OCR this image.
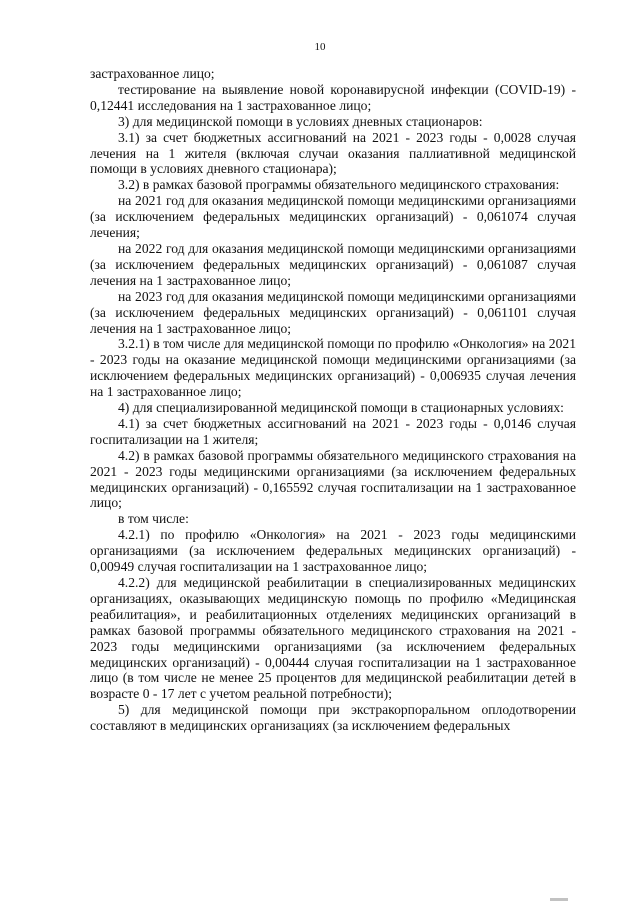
10

застрахованное лицо;

тестирование на выявление новой коронавирусной инфекции (COVID-19) - 0,12441 исследования на 1 застрахованное лицо;

3) для медицинской помощи в условиях дневных стационаров:

3.1) за счет бюджетных ассигнований на 2021 - 2023 годы - 0,0028 случая лечения на 1 жителя (включая случаи оказания паллиативной медицинской помощи в условиях дневного стационара);

3.2) в рамках базовой программы обязательного медицинского страхования:

на 2021 год для оказания медицинской помощи медицинскими организациями (за исключением федеральных медицинских организаций) - 0,061074 случая лечения;

на 2022 год для оказания медицинской помощи медицинскими организациями (за исключением федеральных медицинских организаций) - 0,061087 случая лечения на 1 застрахованное лицо;

на 2023 год для оказания медицинской помощи медицинскими организациями (за исключением федеральных медицинских организаций) - 0,061101 случая лечения на 1 застрахованное лицо;

3.2.1) в том числе для медицинской помощи по профилю «Онкология» на 2021 - 2023 годы на оказание медицинской помощи медицинскими организациями (за исключением федеральных медицинских организаций) - 0,006935 случая лечения на 1 застрахованное лицо;

4) для специализированной медицинской помощи в стационарных условиях:

4.1) за счет бюджетных ассигнований на 2021 - 2023 годы - 0,0146 случая госпитализации на 1 жителя;

4.2) в рамках базовой программы обязательного медицинского страхования на 2021 - 2023 годы медицинскими организациями (за исключением федеральных медицинских организаций) - 0,165592 случая госпитализации на 1 застрахованное лицо;

в том числе:

4.2.1) по профилю «Онкология» на 2021 - 2023 годы медицинскими организациями (за исключением федеральных медицинских организаций) - 0,00949 случая госпитализации на 1 застрахованное лицо;

4.2.2) для медицинской реабилитации в специализированных медицинских организациях, оказывающих медицинскую помощь по профилю «Медицинская реабилитация», и реабилитационных отделениях медицинских организаций в рамках базовой программы обязательного медицинского страхования на 2021 - 2023 годы медицинскими организациями (за исключением федеральных медицинских организаций) - 0,00444 случая госпитализации на 1 застрахованное лицо (в том числе не менее 25 процентов для медицинской реабилитации детей в возрасте 0 - 17 лет с учетом реальной потребности);

5) для медицинской помощи при экстракорпоральном оплодотворении составляют в медицинских организациях (за исключением федеральных
